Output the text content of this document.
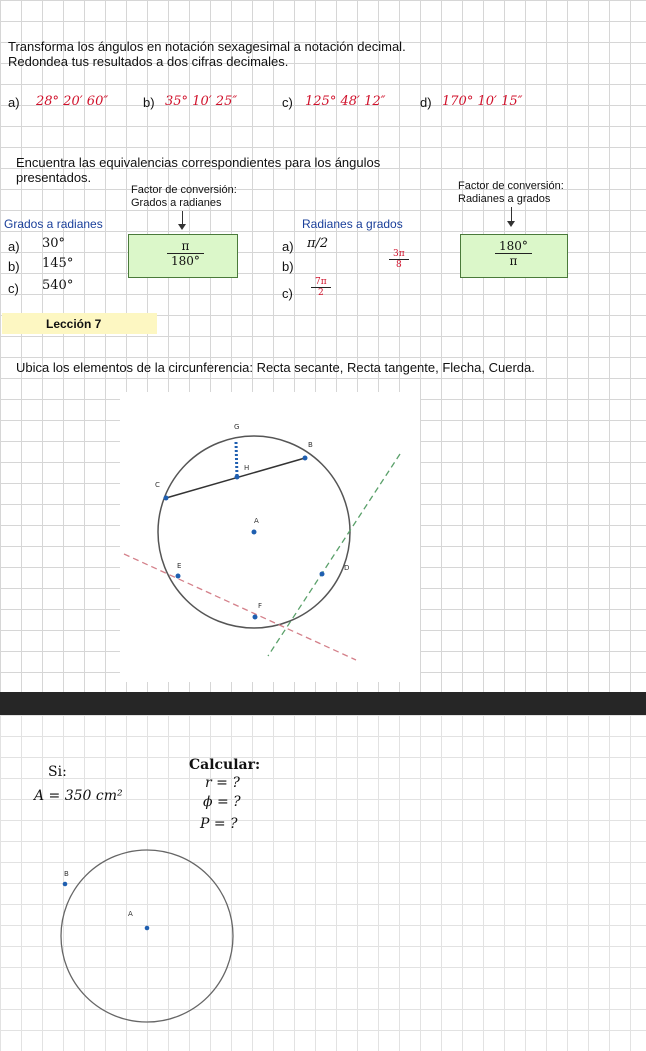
Transforma los ángulos en notación sexagesimal a notación decimal.
Redondea tus resultados a dos cifras decimales.
a) 28° 20′ 60″	b) 35° 10′ 25″	c) 125° 48′ 12″	d) 170° 10′ 15″
Encuentra las equivalencias correspondientes para los ángulos
presentados.
Factor de conversión:
Grados a radianes
Factor de conversión:
Radianes a grados
Grados a radianes	Radianes a grados
a) 30°
b) 145°
c) 540°
π
180°
a) π/2
b)
3π
8
c)
7π
2
180°
π
Lección 7
Ubica los elementos de la circunferencia: Recta secante, Recta tangente, Flecha, Cuerda.
G
B
H
C
A
E	D
F
Si:
A = 350 cm²
Calcular:
r = ?
ϕ = ?
P = ?
B
A
